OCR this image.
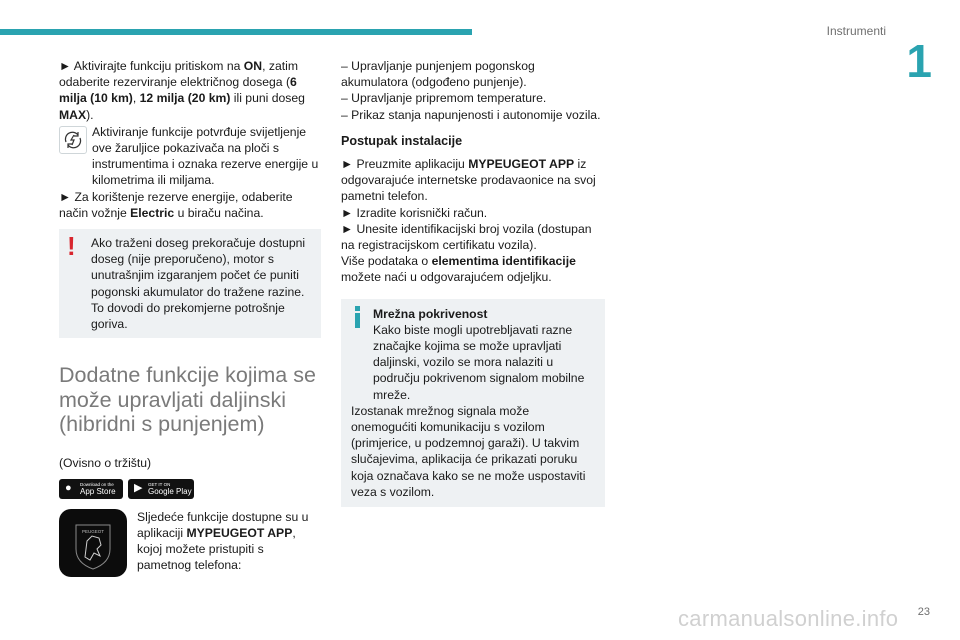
Instrumenti
1

► Aktivirajte funkciju pritiskom na ON, zatim odaberite rezerviranje električnog dosega (6 milja (10 km), 12 milja (20 km) ili puni doseg MAX).

Aktiviranje funkcije potvrđuje svijetljenje ove žaruljice pokazivača na ploči s instrumentima i oznaka rezerve energije u kilometrima ili miljama.

► Za korištenje rezerve energije, odaberite način vožnje Electric u biraču načina.

!	Ako traženi doseg prekoračuje dostupni doseg (nije preporučeno), motor s unutrašnjim izgaranjem počet će puniti pogonski akumulator do tražene razine. To dovodi do prekomjerne potrošnje goriva.

Dodatne funkcije kojima se može upravljati daljinski (hibridni s punjenjem)

(Ovisno o tržištu)

● Download on the
App Store	▶ GET IT ON
Google Play
PEUGEOT

Sljedeće funkcije dostupne su u aplikaciji MYPEUGEOT APP, kojoj možete pristupiti s pametnog telefona:

– Upravljanje punjenjem pogonskog akumulatora (odgođeno punjenje).

– Upravljanje pripremom temperature.

– Prikaz stanja napunjenosti i autonomije vozila.

Postupak instalacije

► Preuzmite aplikaciju MYPEUGEOT APP iz odgovarajuće internetske prodavaonice na svoj pametni telefon.

► Izradite korisnički račun.

► Unesite identifikacijski broj vozila (dostupan na registracijskom certifikatu vozila).

Više podataka o elementima identifikacije možete naći u odgovarajućem odjeljku.

Mrežna pokrivenost

Kako biste mogli upotrebljavati razne značajke kojima se može upravljati daljinski, vozilo se mora nalaziti u području pokrivenom signalom mobilne mreže.

Izostanak mrežnog signala može onemogućiti komunikaciju s vozilom (primjerice, u podzemnoj garaži). U takvim slučajevima, aplikacija će prikazati poruku koja označava kako se ne može uspostaviti veza s vozilom.

carmanualsonline.info 23
